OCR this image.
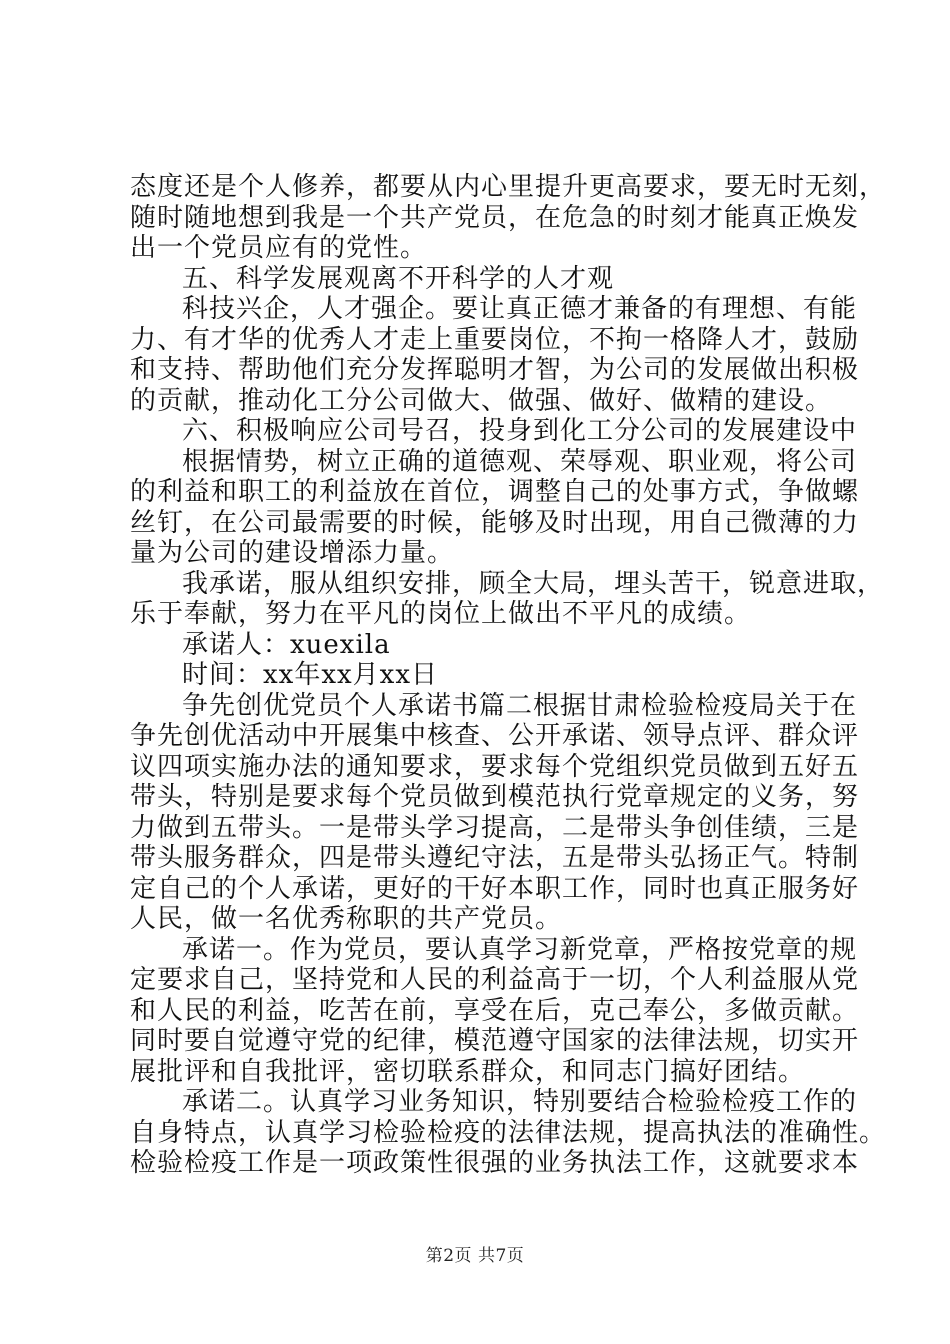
态度还是个人修养，都要从内心里提升更高要求，要无时无刻，
随时随地想到我是一个共产党员，在危急的时刻才能真正焕发
出一个党员应有的党性。
五、科学发展观离不开科学的人才观
科技兴企，人才强企。要让真正德才兼备的有理想、有能
力、有才华的优秀人才走上重要岗位，不拘一格降人才，鼓励
和支持、帮助他们充分发挥聪明才智，为公司的发展做出积极
的贡献，推动化工分公司做大、做强、做好、做精的建设。
六、积极响应公司号召，投身到化工分公司的发展建设中
根据情势，树立正确的道德观、荣辱观、职业观，将公司
的利益和职工的利益放在首位，调整自己的处事方式，争做螺
丝钉，在公司最需要的时候，能够及时出现，用自己微薄的力
量为公司的建设增添力量。
我承诺，服从组织安排，顾全大局，埋头苦干，锐意进取，
乐于奉献，努力在平凡的岗位上做出不平凡的成绩。
承诺人：xuexila
时间：xx年xx月xx日
争先创优党员个人承诺书篇二根据甘肃检验检疫局关于在
争先创优活动中开展集中核查、公开承诺、领导点评、群众评
议四项实施办法的通知要求，要求每个党组织党员做到五好五
带头，特别是要求每个党员做到模范执行党章规定的义务，努
力做到五带头。一是带头学习提高，二是带头争创佳绩，三是
带头服务群众，四是带头遵纪守法，五是带头弘扬正气。特制
定自己的个人承诺，更好的干好本职工作，同时也真正服务好
人民，做一名优秀称职的共产党员。
承诺一。作为党员，要认真学习新党章，严格按党章的规
定要求自己，坚持党和人民的利益高于一切，个人利益服从党
和人民的利益，吃苦在前，享受在后，克己奉公，多做贡献。
同时要自觉遵守党的纪律，模范遵守国家的法律法规，切实开
展批评和自我批评，密切联系群众，和同志门搞好团结。
承诺二。认真学习业务知识，特别要结合检验检疫工作的
自身特点，认真学习检验检疫的法律法规，提高执法的准确性。
检验检疫工作是一项政策性很强的业务执法工作，这就要求本
第2页 共7页
